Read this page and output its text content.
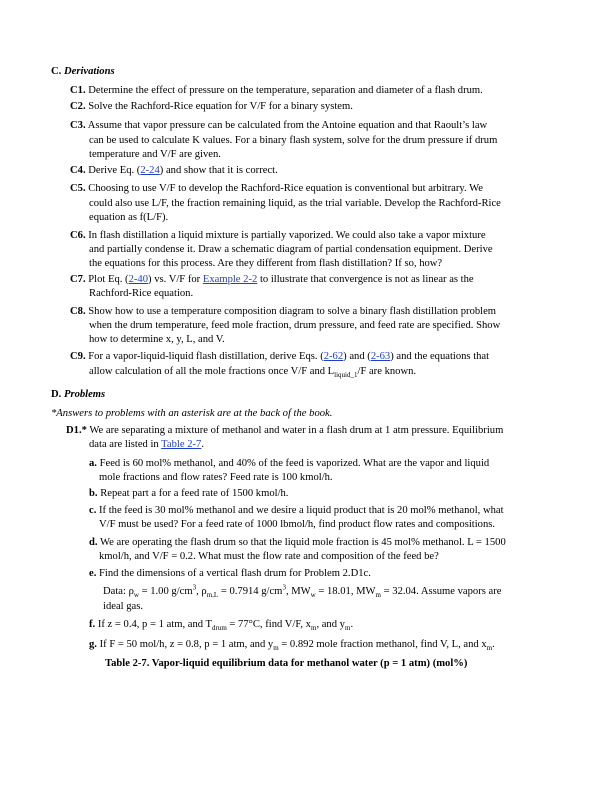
C. Derivations
C1. Determine the effect of pressure on the temperature, separation and diameter of a flash drum.
C2. Solve the Rachford-Rice equation for V/F for a binary system.
C3. Assume that vapor pressure can be calculated from the Antoine equation and that Raoult’s law
can be used to calculate K values. For a binary flash system, solve for the drum pressure if drum
temperature and V/F are given.
C4. Derive Eq. (2-24) and show that it is correct.
C5. Choosing to use V/F to develop the Rachford-Rice equation is conventional but arbitrary. We
could also use L/F, the fraction remaining liquid, as the trial variable. Develop the Rachford-Rice
equation as f(L/F).
C6. In flash distillation a liquid mixture is partially vaporized. We could also take a vapor mixture
and partially condense it. Draw a schematic diagram of partial condensation equipment. Derive
the equations for this process. Are they different from flash distillation? If so, how?
C7. Plot Eq. (2-40) vs. V/F for Example 2-2 to illustrate that convergence is not as linear as the
Rachford-Rice equation.
C8. Show how to use a temperature composition diagram to solve a binary flash distillation problem
when the drum temperature, feed mole fraction, drum pressure, and feed rate are specified. Show
how to determine x, y, L, and V.
C9. For a vapor-liquid-liquid flash distillation, derive Eqs. (2-62) and (2-63) and the equations that
allow calculation of all the mole fractions once V/F and $L_{liquid\_1}/F$ are known.
D. Problems
*Answers to problems with an asterisk are at the back of the book.
D1.* We are separating a mixture of methanol and water in a flash drum at 1 atm pressure. Equilibrium
data are listed in Table 2-7.
a. Feed is 60 mol% methanol, and 40% of the feed is vaporized. What are the vapor and liquid
mole fractions and flow rates? Feed rate is 100 kmol/h.
b. Repeat part a for a feed rate of 1500 kmol/h.
c. If the feed is 30 mol% methanol and we desire a liquid product that is 20 mol% methanol, what
V/F must be used? For a feed rate of 1000 lbmol/h, find product flow rates and compositions.
d. We are operating the flash drum so that the liquid mole fraction is 45 mol% methanol. L = 1500
kmol/h, and V/F = 0.2. What must the flow rate and composition of the feed be?
e. Find the dimensions of a vertical flash drum for Problem 2.D1c.
Data: $\rho_w = 1.00$ $g/cm^3$, $\rho_{m,L} = 0.7914$ $g/cm^3$, $MW_w = 18.01$, $MW_m = 32.04$. Assume vapors are
ideal gas.
f. If z = 0.4, p = 1 atm, and $T_{drum} = 77^\circ C$, find V/F, $x_m$, and $y_m$.
g. If F = 50 mol/h, z = 0.8, p = 1 atm, and $y_m = 0.892$ mole fraction methanol, find V, L, and $x_m$.
Table 2-7. Vapor-liquid equilibrium data for methanol water (p = 1 atm) (mol%)
